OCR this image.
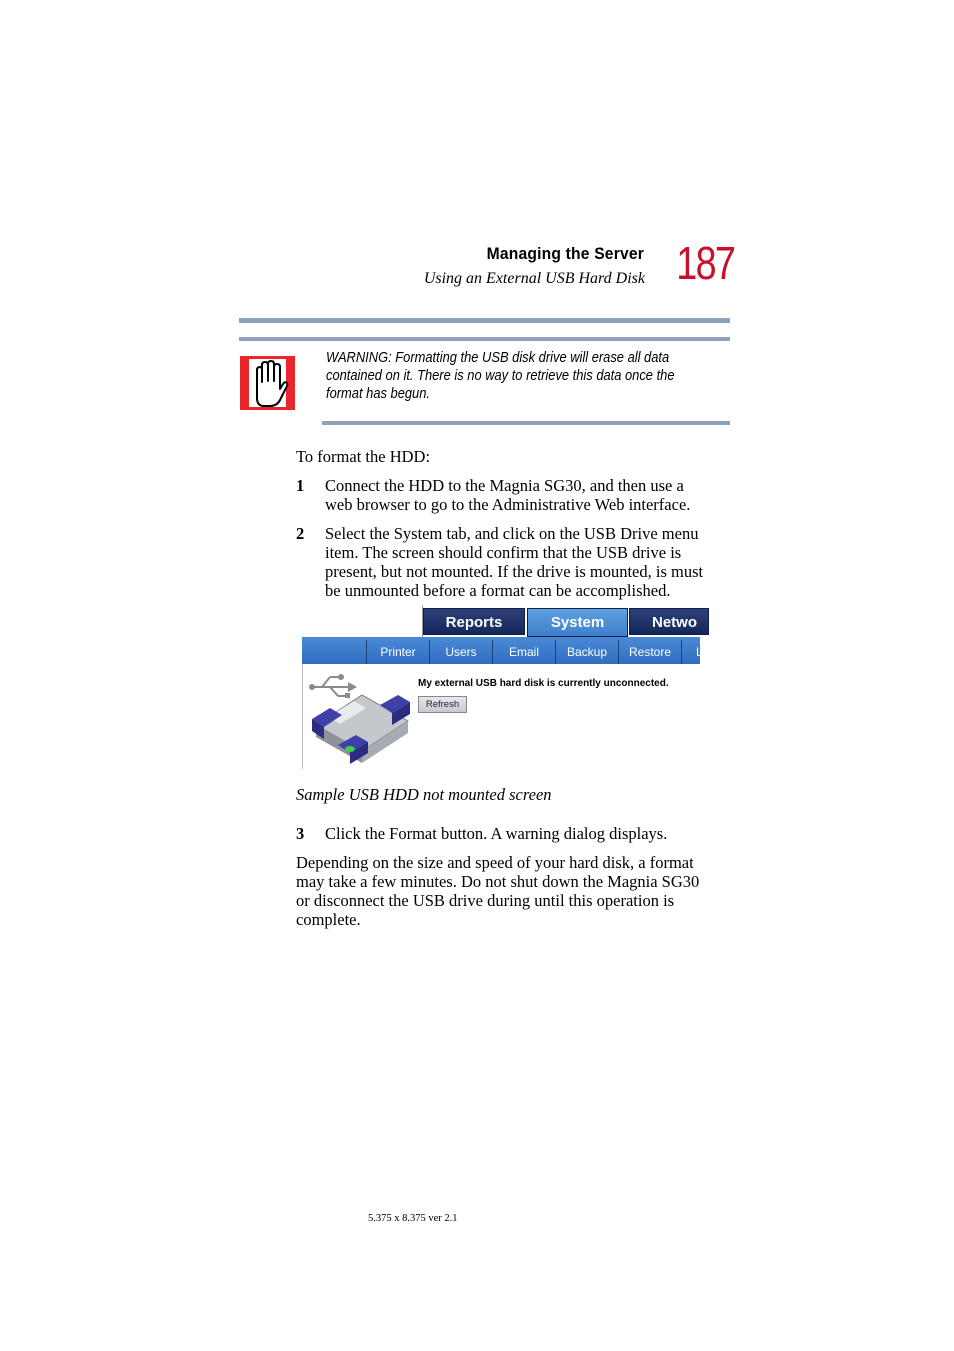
Managing the Server
Using an External USB Hard Disk 187
WARNING: Formatting the USB disk drive will erase all data
contained on it. There is no way to retrieve this data once the
format has begun.
To format the HDD:
1 Connect the HDD to the Magnia SG30, and then use a
web browser to go to the Administrative Web interface.
2 Select the System tab, and click on the USB Drive menu
item. The screen should confirm that the USB drive is
present, but not mounted. If the drive is mounted, is must
be unmounted before a format can be accomplished.
Reports	System	Netwo
Printer	Users	Email	Backup	Restore	L
My external USB hard disk is currently unconnected.
Refresh
Sample USB HDD not mounted screen
3 Click the Format button. A warning dialog displays.
Depending on the size and speed of your hard disk, a format
may take a few minutes. Do not shut down the Magnia SG30
or disconnect the USB drive during until this operation is
complete.
5.375 x 8.375 ver 2.1
